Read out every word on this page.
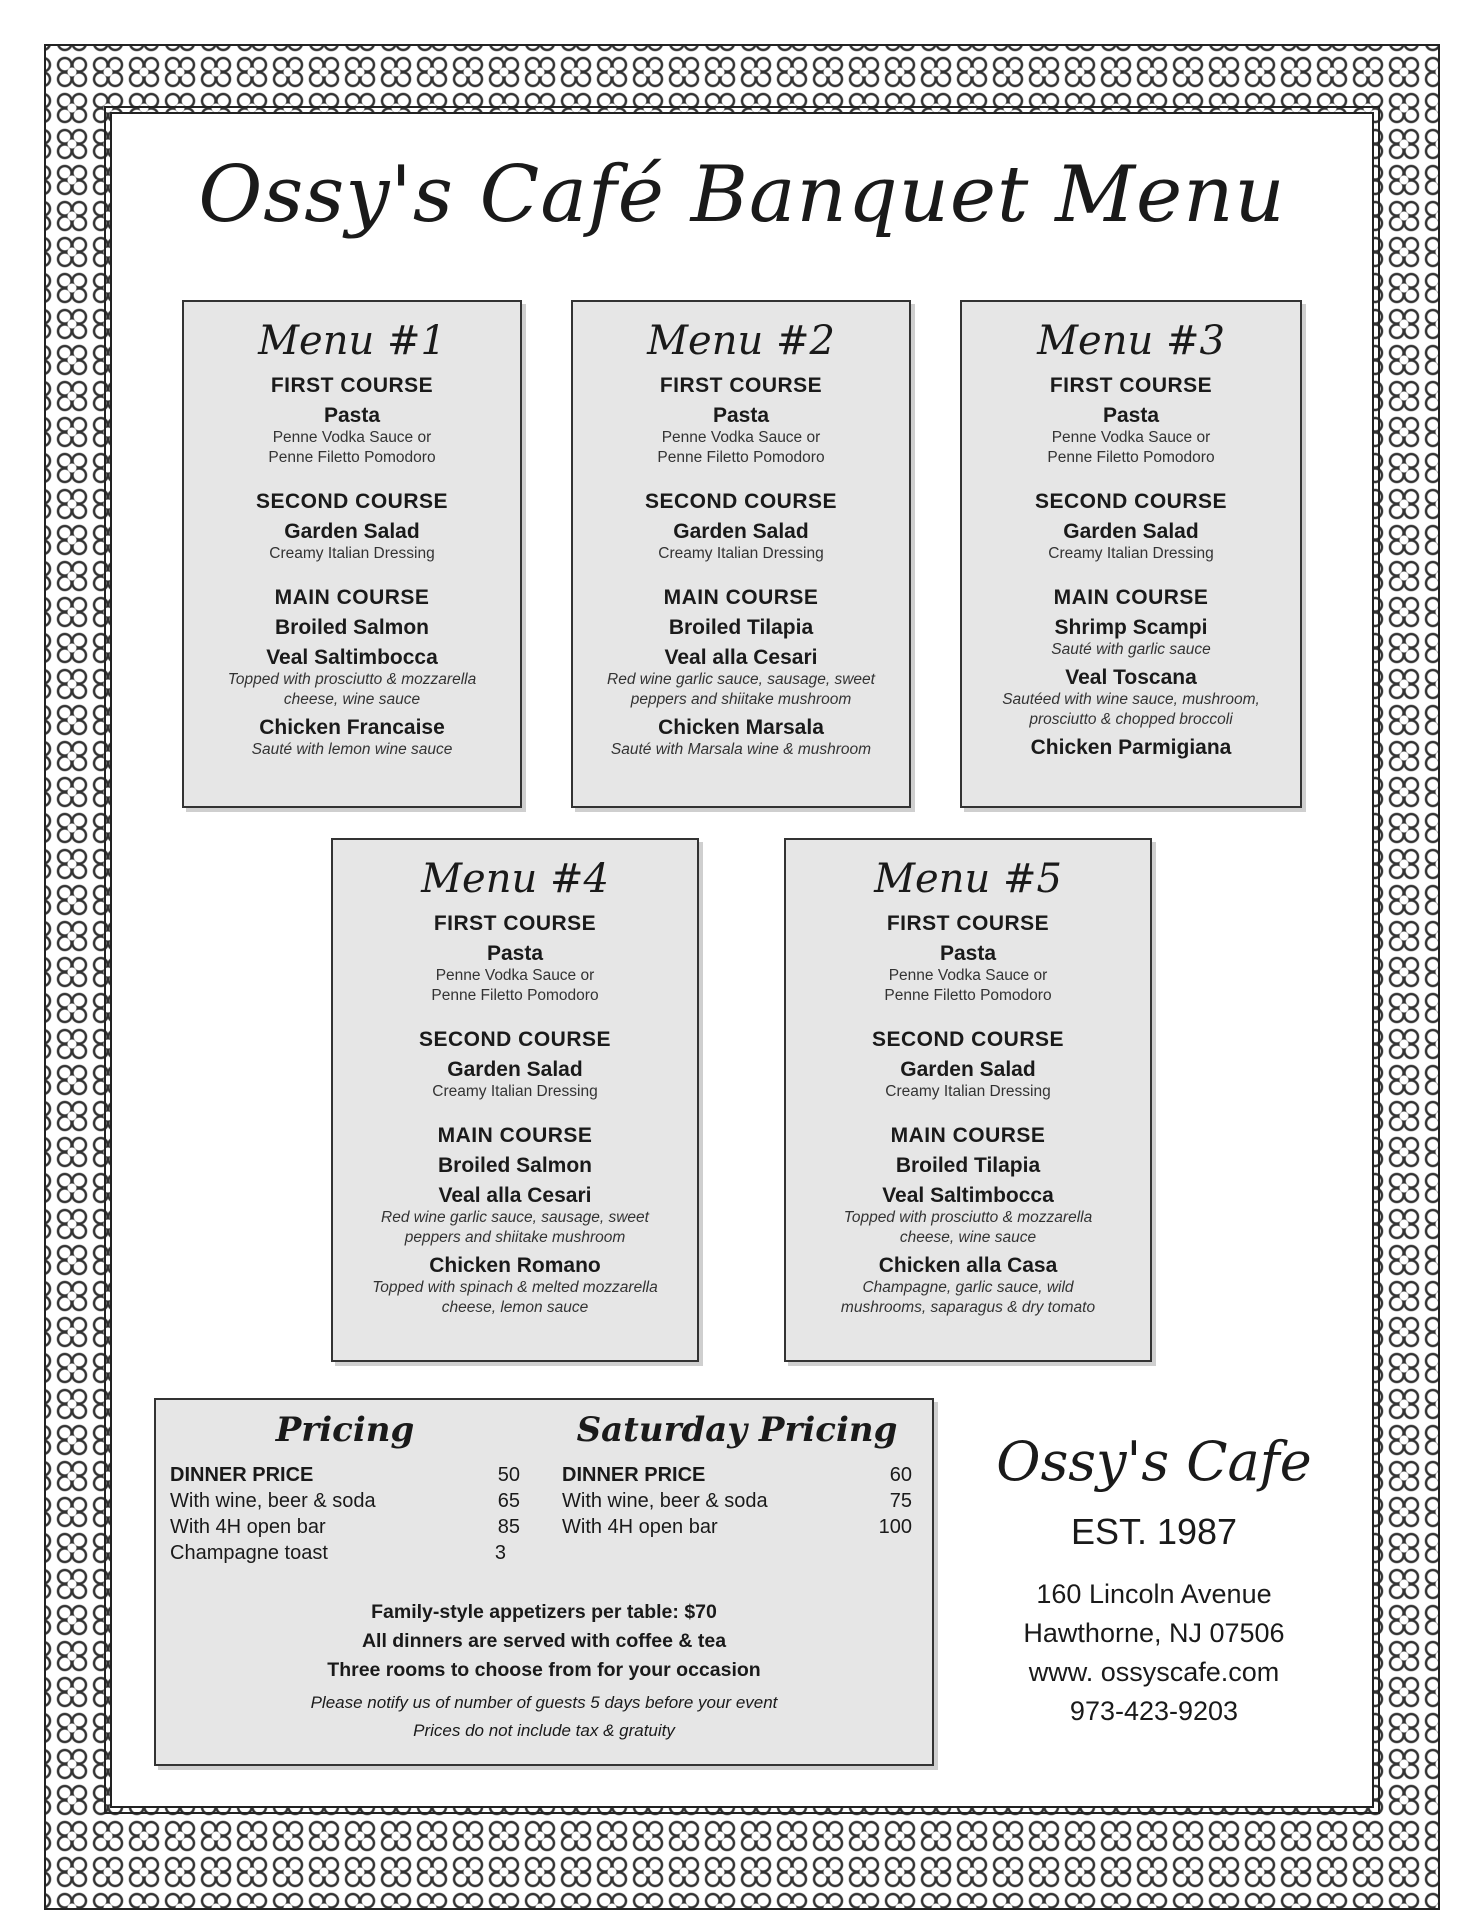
Ossy's Café Banquet Menu
Menu #1
FIRST COURSE
Pasta
Penne Vodka Sauce or
Penne Filetto Pomodoro
SECOND COURSE
Garden Salad
Creamy Italian Dressing
MAIN COURSE
Broiled Salmon
Veal Saltimbocca
Topped with prosciutto & mozzarella
cheese, wine sauce
Chicken Francaise
Sauté with lemon wine sauce
Menu #2
FIRST COURSE
Pasta
Penne Vodka Sauce or
Penne Filetto Pomodoro
SECOND COURSE
Garden Salad
Creamy Italian Dressing
MAIN COURSE
Broiled Tilapia
Veal alla Cesari
Red wine garlic sauce, sausage, sweet
peppers and shiitake mushroom
Chicken Marsala
Sauté with Marsala wine & mushroom
Menu #3
FIRST COURSE
Pasta
Penne Vodka Sauce or
Penne Filetto Pomodoro
SECOND COURSE
Garden Salad
Creamy Italian Dressing
MAIN COURSE
Shrimp Scampi
Sauté with garlic sauce
Veal Toscana
Sautéed with wine sauce, mushroom,
prosciutto & chopped broccoli
Chicken Parmigiana
Menu #4
FIRST COURSE
Pasta
Penne Vodka Sauce or
Penne Filetto Pomodoro
SECOND COURSE
Garden Salad
Creamy Italian Dressing
MAIN COURSE
Broiled Salmon
Veal alla Cesari
Red wine garlic sauce, sausage, sweet
peppers and shiitake mushroom
Chicken Romano
Topped with spinach & melted mozzarella
cheese, lemon sauce
Menu #5
FIRST COURSE
Pasta
Penne Vodka Sauce or
Penne Filetto Pomodoro
SECOND COURSE
Garden Salad
Creamy Italian Dressing
MAIN COURSE
Broiled Tilapia
Veal Saltimbocca
Topped with prosciutto & mozzarella
cheese, wine sauce
Chicken alla Casa
Champagne, garlic sauce, wild
mushrooms, saparagus & dry tomato
Pricing
DINNER PRICE	50
With wine, beer & soda	65
With 4H open bar	85
Champagne toast	3
Saturday Pricing
DINNER PRICE	60
With wine, beer & soda	75
With 4H open bar	100
Family-style appetizers per table: $70
All dinners are served with coffee & tea
Three rooms to choose from for your occasion
Please notify us of number of guests 5 days before your event
Prices do not include tax & gratuity
Ossy's Cafe
EST. 1987
160 Lincoln Avenue
Hawthorne, NJ 07506
www. ossyscafe.com
973-423-9203
